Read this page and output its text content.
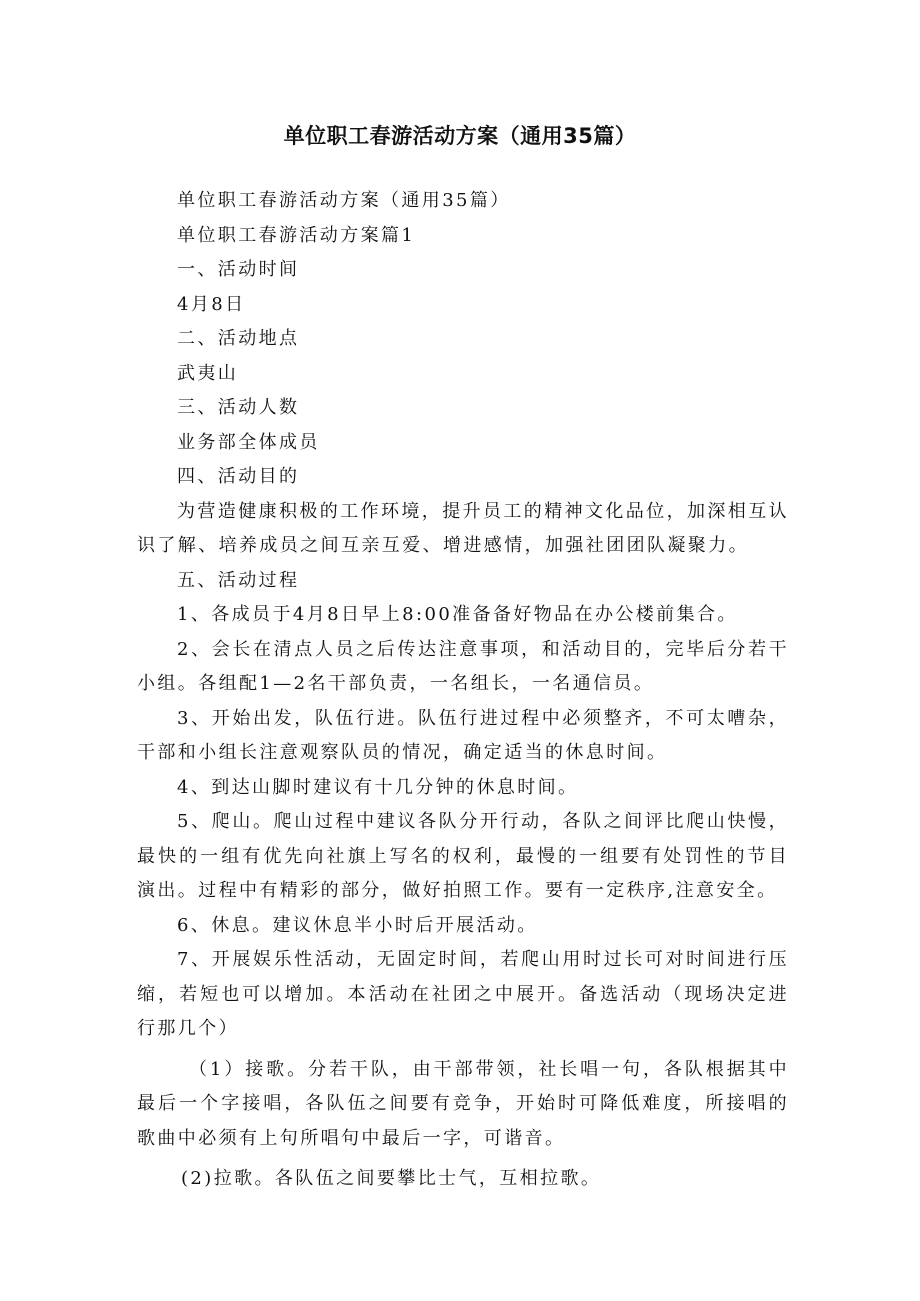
单位职工春游活动方案（通用35篇）

单位职工春游活动方案（通用35篇）

单位职工春游活动方案篇1

一、活动时间

4月8日

二、活动地点

武夷山

三、活动人数

业务部全体成员

四、活动目的

为营造健康积极的工作环境，提升员工的精神文化品位，加深相互认识了解、培养成员之间互亲互爱、增进感情，加强社团团队凝聚力。

五、活动过程

1、各成员于4月8日早上8:00准备备好物品在办公楼前集合。

2、会长在清点人员之后传达注意事项，和活动目的，完毕后分若干小组。各组配1—2名干部负责，一名组长，一名通信员。

3、开始出发，队伍行进。队伍行进过程中必须整齐，不可太嘈杂，干部和小组长注意观察队员的情况，确定适当的休息时间。

4、到达山脚时建议有十几分钟的休息时间。

5、爬山。爬山过程中建议各队分开行动，各队之间评比爬山快慢，最快的一组有优先向社旗上写名的权利，最慢的一组要有处罚性的节目演出。过程中有精彩的部分，做好拍照工作。要有一定秩序,注意安全。

6、休息。建议休息半小时后开展活动。

7、开展娱乐性活动，无固定时间，若爬山用时过长可对时间进行压缩，若短也可以增加。本活动在社团之中展开。备选活动（现场决定进行那几个）

（1）接歌。分若干队，由干部带领，社长唱一句，各队根据其中最后一个字接唱，各队伍之间要有竞争，开始时可降低难度，所接唱的歌曲中必须有上句所唱句中最后一字，可谐音。

(2)拉歌。各队伍之间要攀比士气，互相拉歌。
